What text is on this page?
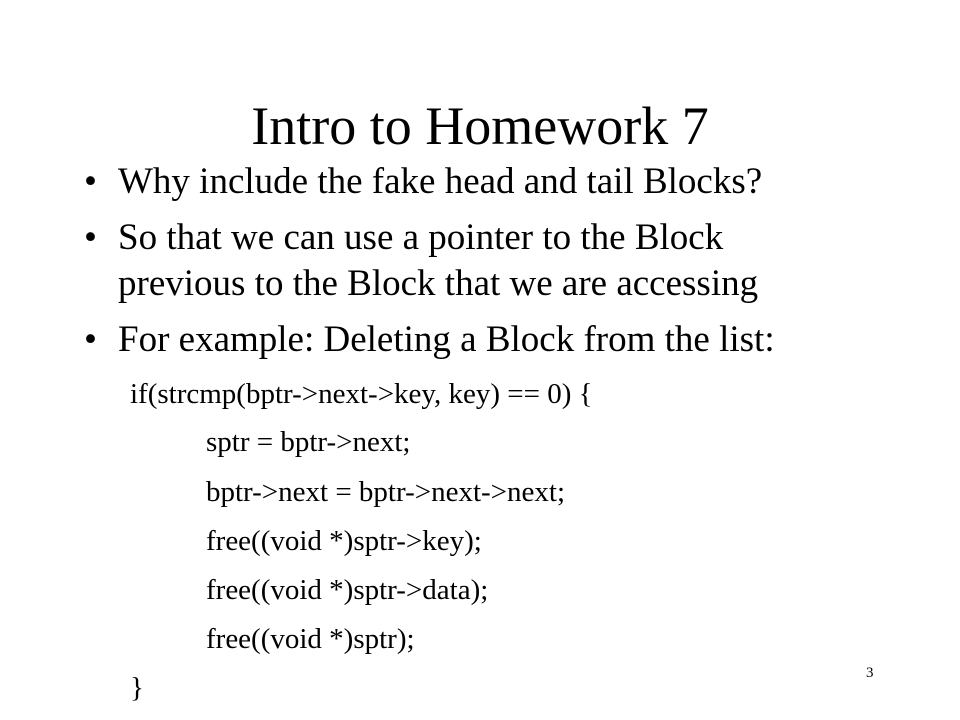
Intro to Homework 7
• Why include the fake head and tail Blocks?
• So that we can use a pointer to the Block
previous to the Block that we are accessing
• For example: Deleting a Block from the list:
if(strcmp(bptr->next->key, key) == 0) {
sptr = bptr->next;
bptr->next = bptr->next->next;
free((void *)sptr->key);
free((void *)sptr->data);
free((void *)sptr);
}	3
